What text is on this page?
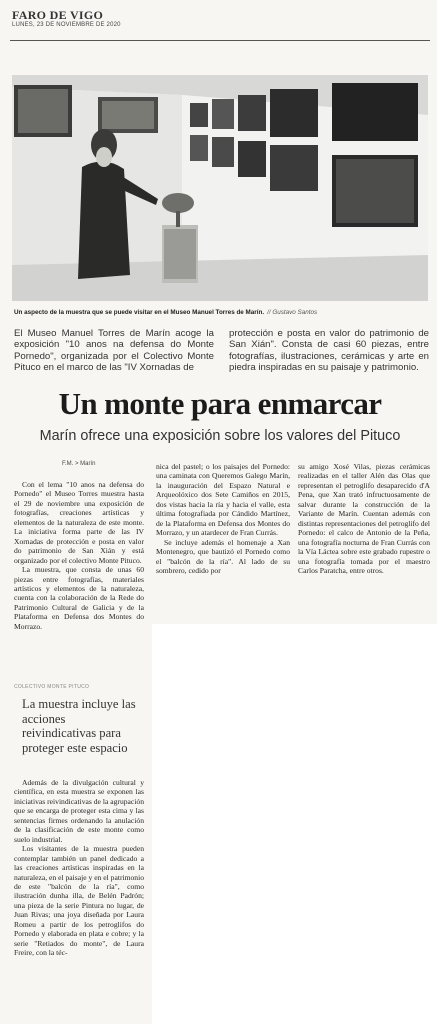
FARO DE VIGO
LUNES, 23 DE NOVIEMBRE DE 2020
Un aspecto de la muestra que se puede visitar en el Museo Manuel Torres de Marín. // Gustavo Santos
El Museo Manuel Torres de Marín acoge la exposición "10 anos na defensa do Monte Pornedo", organizada por el Colectivo Monte Pituco en el marco de las "IV Xornadas de
protección e posta en valor do patrimonio de San Xián". Consta de casi 60 piezas, entre fotografías, ilustraciones, cerámicas y arte en piedra inspiradas en su paisaje y patrimonio.
Un monte para enmarcar
Marín ofrece una exposición sobre los valores del Pituco
F.M. > Marín

Con el lema "10 anos na defensa do Pornedo" el Museo Torres muestra hasta el 29 de noviembre una exposición de fotografías, creaciones artísticas y elementos de la naturaleza de este monte. La iniciativa forma parte de las IV Xornadas de protección e posta en valor do patrimonio de San Xián y está organizado por el colectivo Monte Pituco.

La muestra, que consta de unas 60 piezas entre fotografías, materiales artísticos y elementos de la naturaleza, cuenta con la colaboración de la Rede do Patrimonio Cultural de Galicia y de la Plataforma en Defensa dos Montes do Morrazo.

COLECTIVO MONTE PITUCO
La muestra incluye las acciones reivindicativas para proteger este espacio

Además de la divulgación cultural y científica, en esta muestra se exponen las iniciativas reivindicativas de la agrupación que se encarga de proteger esta cima y las sentencias firmes ordenando la anulación de la clasificación de este monte como suelo industrial.

Los visitantes de la muestra pueden contemplar también un panel dedicado a las creaciones artísticas inspiradas en la naturaleza, en el paisaje y en el patrimonio de este "balcón de la ría", como ilustración dunha illa, de Belén Padrón; una pieza de la serie Pintura no lugar, de Juan Rivas; una joya diseñada por Laura Romeu a partir de los petroglifos do Pornedo y elaborada en plata e cobre; y la serie "Retiados do monte", de Laura Freire, con la téc-

nica del pastel; o los paisajes del Pornedo: una caminata con Queremos Galego Marín, la inauguración del Espazo Natural e Arqueolóxico dos Sete Camiños en 2015, dos vistas hacia la ría y hacia el valle, esta última fotografiada por Cándido Martínez, de la Plataforma en Defensa dos Montes do Morrazo, y un atardecer de Fran Currás.

Se incluye además el homenaje a Xan Montenegro, que bautizó el Pornedo como el "balcón de la ría". Al lado de su sombrero, cedido por

su amigo Xosé Vilas, piezas cerámicas realizadas en el taller Alén das Olas que representan el petroglifo desaparecido d'A Pena, que Xan trató infructuosamente de salvar durante la construcción de la Variante de Marín. Cuentan además con distintas representaciones del petroglifo del Pornedo: el calco de Antonio de la Peña, una fotografía nocturna de Fran Currás con la Vía Láctea sobre este grabado rupestre o una fotografía tomada por el maestro Carlos Paratcha, entre otros.
